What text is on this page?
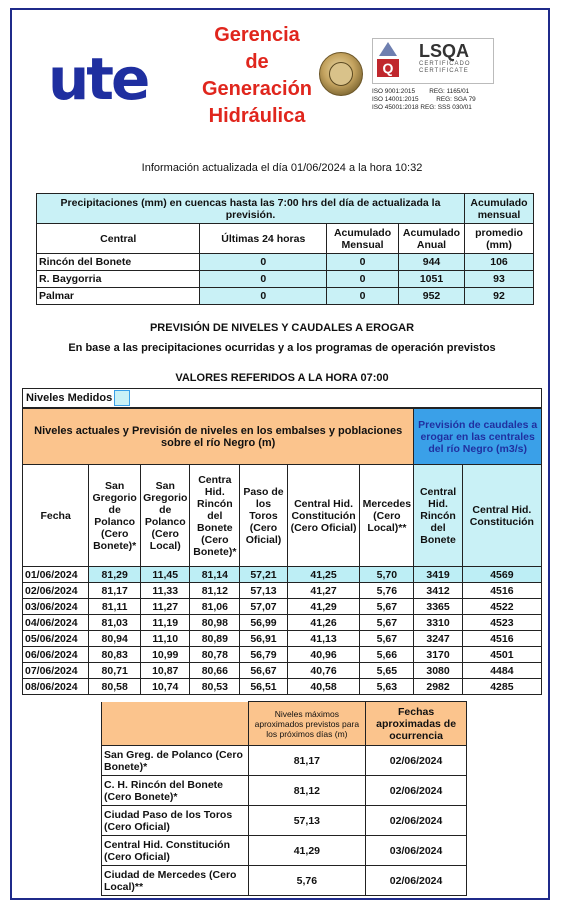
ute
Gerencia
de
Generación
Hidráulica
Q
LSQA
CERTIFICADO
CERTIFICATE
ISO 9001:2015        REG: 1165/01
ISO 14001:2015          REG: SGA 79
ISO 45001:2018 REG: SSS 030/01
Información actualizada el día 01/06/2024 a la hora 10:32
Precipitaciones (mm) en cuencas hasta las 7:00 hrs del día de actualizada la previsión.				Acumulado mensual
Central	Últimas 24 horas	Acumulado Mensual	Acumulado Anual	promedio (mm)
Rincón del Bonete	0	0	944	106
R. Baygorria	0	0	1051	93
Palmar	0	0	952	92
PREVISIÓN DE NIVELES Y CAUDALES A EROGAR
En base a las precipitaciones ocurridas y a los programas de operación previstos
VALORES REFERIDOS A LA HORA 07:00
Niveles Medidos
Niveles actuales y Previsión de niveles en los embalses y poblaciones sobre el río Negro (m)							Previsión de caudales a erogar en las centrales del río Negro (m3/s)	
Fecha	San Gregorio de Polanco (Cero Bonete)*	San Gregorio de Polanco (Cero Local)	Centra Hid. Rincón del Bonete (Cero Bonete)*	Paso de los Toros (Cero Oficial)	Central Hid. Constitución (Cero Oficial)	Mercedes (Cero Local)**	Central Hid. Rincón del Bonete	Central Hid. Constitución
01/06/2024	81,29	11,45	81,14	57,21	41,25	5,70	3419	4569
02/06/2024	81,17	11,33	81,12	57,13	41,27	5,76	3412	4516
03/06/2024	81,11	11,27	81,06	57,07	41,29	5,67	3365	4522
04/06/2024	81,03	11,19	80,98	56,99	41,26	5,67	3310	4523
05/06/2024	80,94	11,10	80,89	56,91	41,13	5,67	3247	4516
06/06/2024	80,83	10,99	80,78	56,79	40,96	5,66	3170	4501
07/06/2024	80,71	10,87	80,66	56,67	40,76	5,65	3080	4484
08/06/2024	80,58	10,74	80,53	56,51	40,58	5,63	2982	4285
	Niveles máximos aproximados previstos para los próximos días (m)	Fechas aproximadas de ocurrencia
San Greg. de Polanco (Cero Bonete)*	81,17	02/06/2024
C. H. Rincón del Bonete (Cero Bonete)*	81,12	02/06/2024
Ciudad Paso de los Toros (Cero Oficial)	57,13	02/06/2024
Central Hid. Constitución (Cero Oficial)	41,29	03/06/2024
Ciudad de Mercedes (Cero Local)**	5,76	02/06/2024
